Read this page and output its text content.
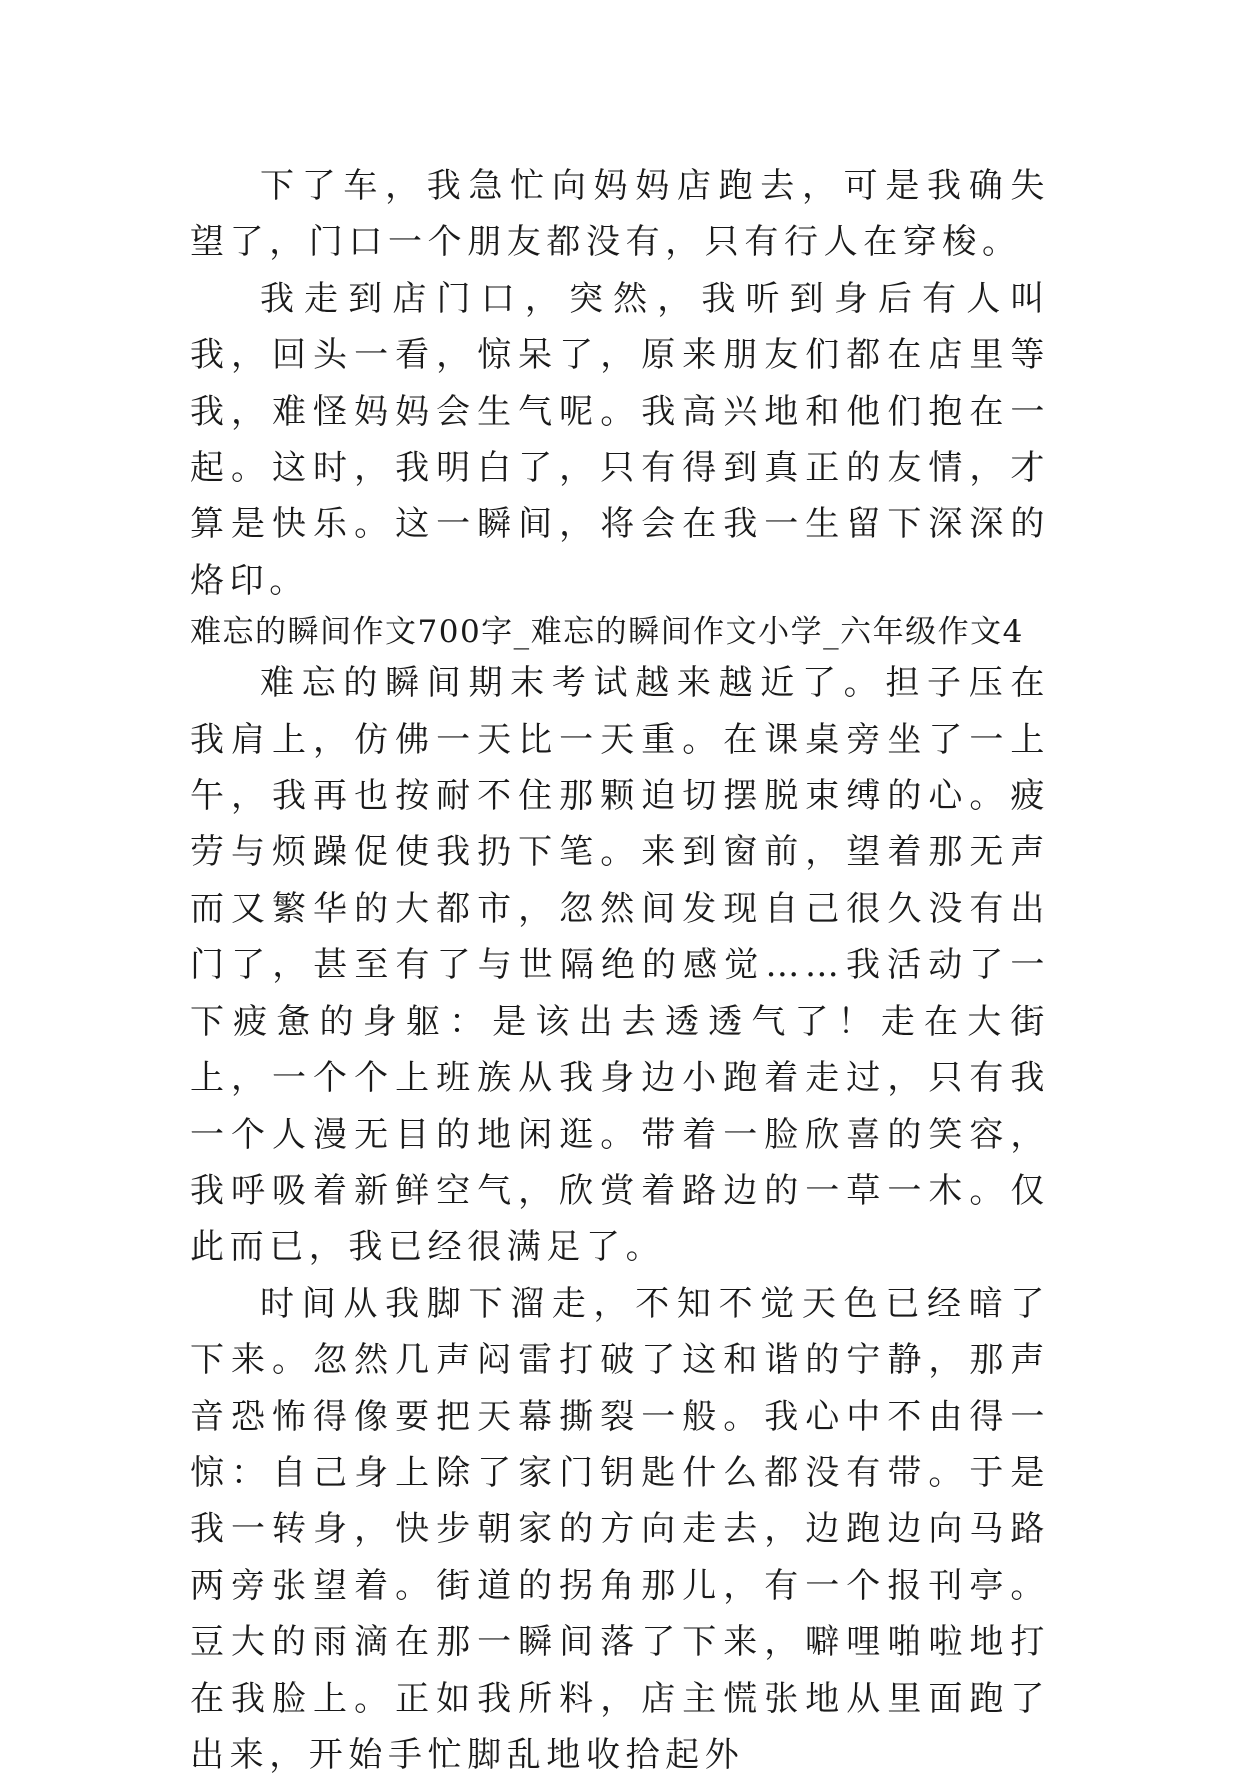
下了车，我急忙向妈妈店跑去，可是我确失望了，门口一个朋友都没有，只有行人在穿梭。

我走到店门口，突然，我听到身后有人叫我，回头一看，惊呆了，原来朋友们都在店里等我，难怪妈妈会生气呢。我高兴地和他们抱在一起。这时，我明白了，只有得到真正的友情，才算是快乐。这一瞬间，将会在我一生留下深深的烙印。

难忘的瞬间作文700字_难忘的瞬间作文小学_六年级作文4

难忘的瞬间期末考试越来越近了。担子压在我肩上，仿佛一天比一天重。在课桌旁坐了一上午，我再也按耐不住那颗迫切摆脱束缚的心。疲劳与烦躁促使我扔下笔。来到窗前，望着那无声而又繁华的大都市，忽然间发现自己很久没有出门了，甚至有了与世隔绝的感觉……我活动了一下疲惫的身躯：是该出去透透气了！走在大街上，一个个上班族从我身边小跑着走过，只有我一个人漫无目的地闲逛。带着一脸欣喜的笑容，我呼吸着新鲜空气，欣赏着路边的一草一木。仅此而已，我已经很满足了。

时间从我脚下溜走，不知不觉天色已经暗了下来。忽然几声闷雷打破了这和谐的宁静，那声音恐怖得像要把天幕撕裂一般。我心中不由得一惊：自己身上除了家门钥匙什么都没有带。于是我一转身，快步朝家的方向走去，边跑边向马路两旁张望着。街道的拐角那儿，有一个报刊亭。豆大的雨滴在那一瞬间落了下来，噼哩啪啦地打在我脸上。正如我所料，店主慌张地从里面跑了出来，开始手忙脚乱地收拾起外
